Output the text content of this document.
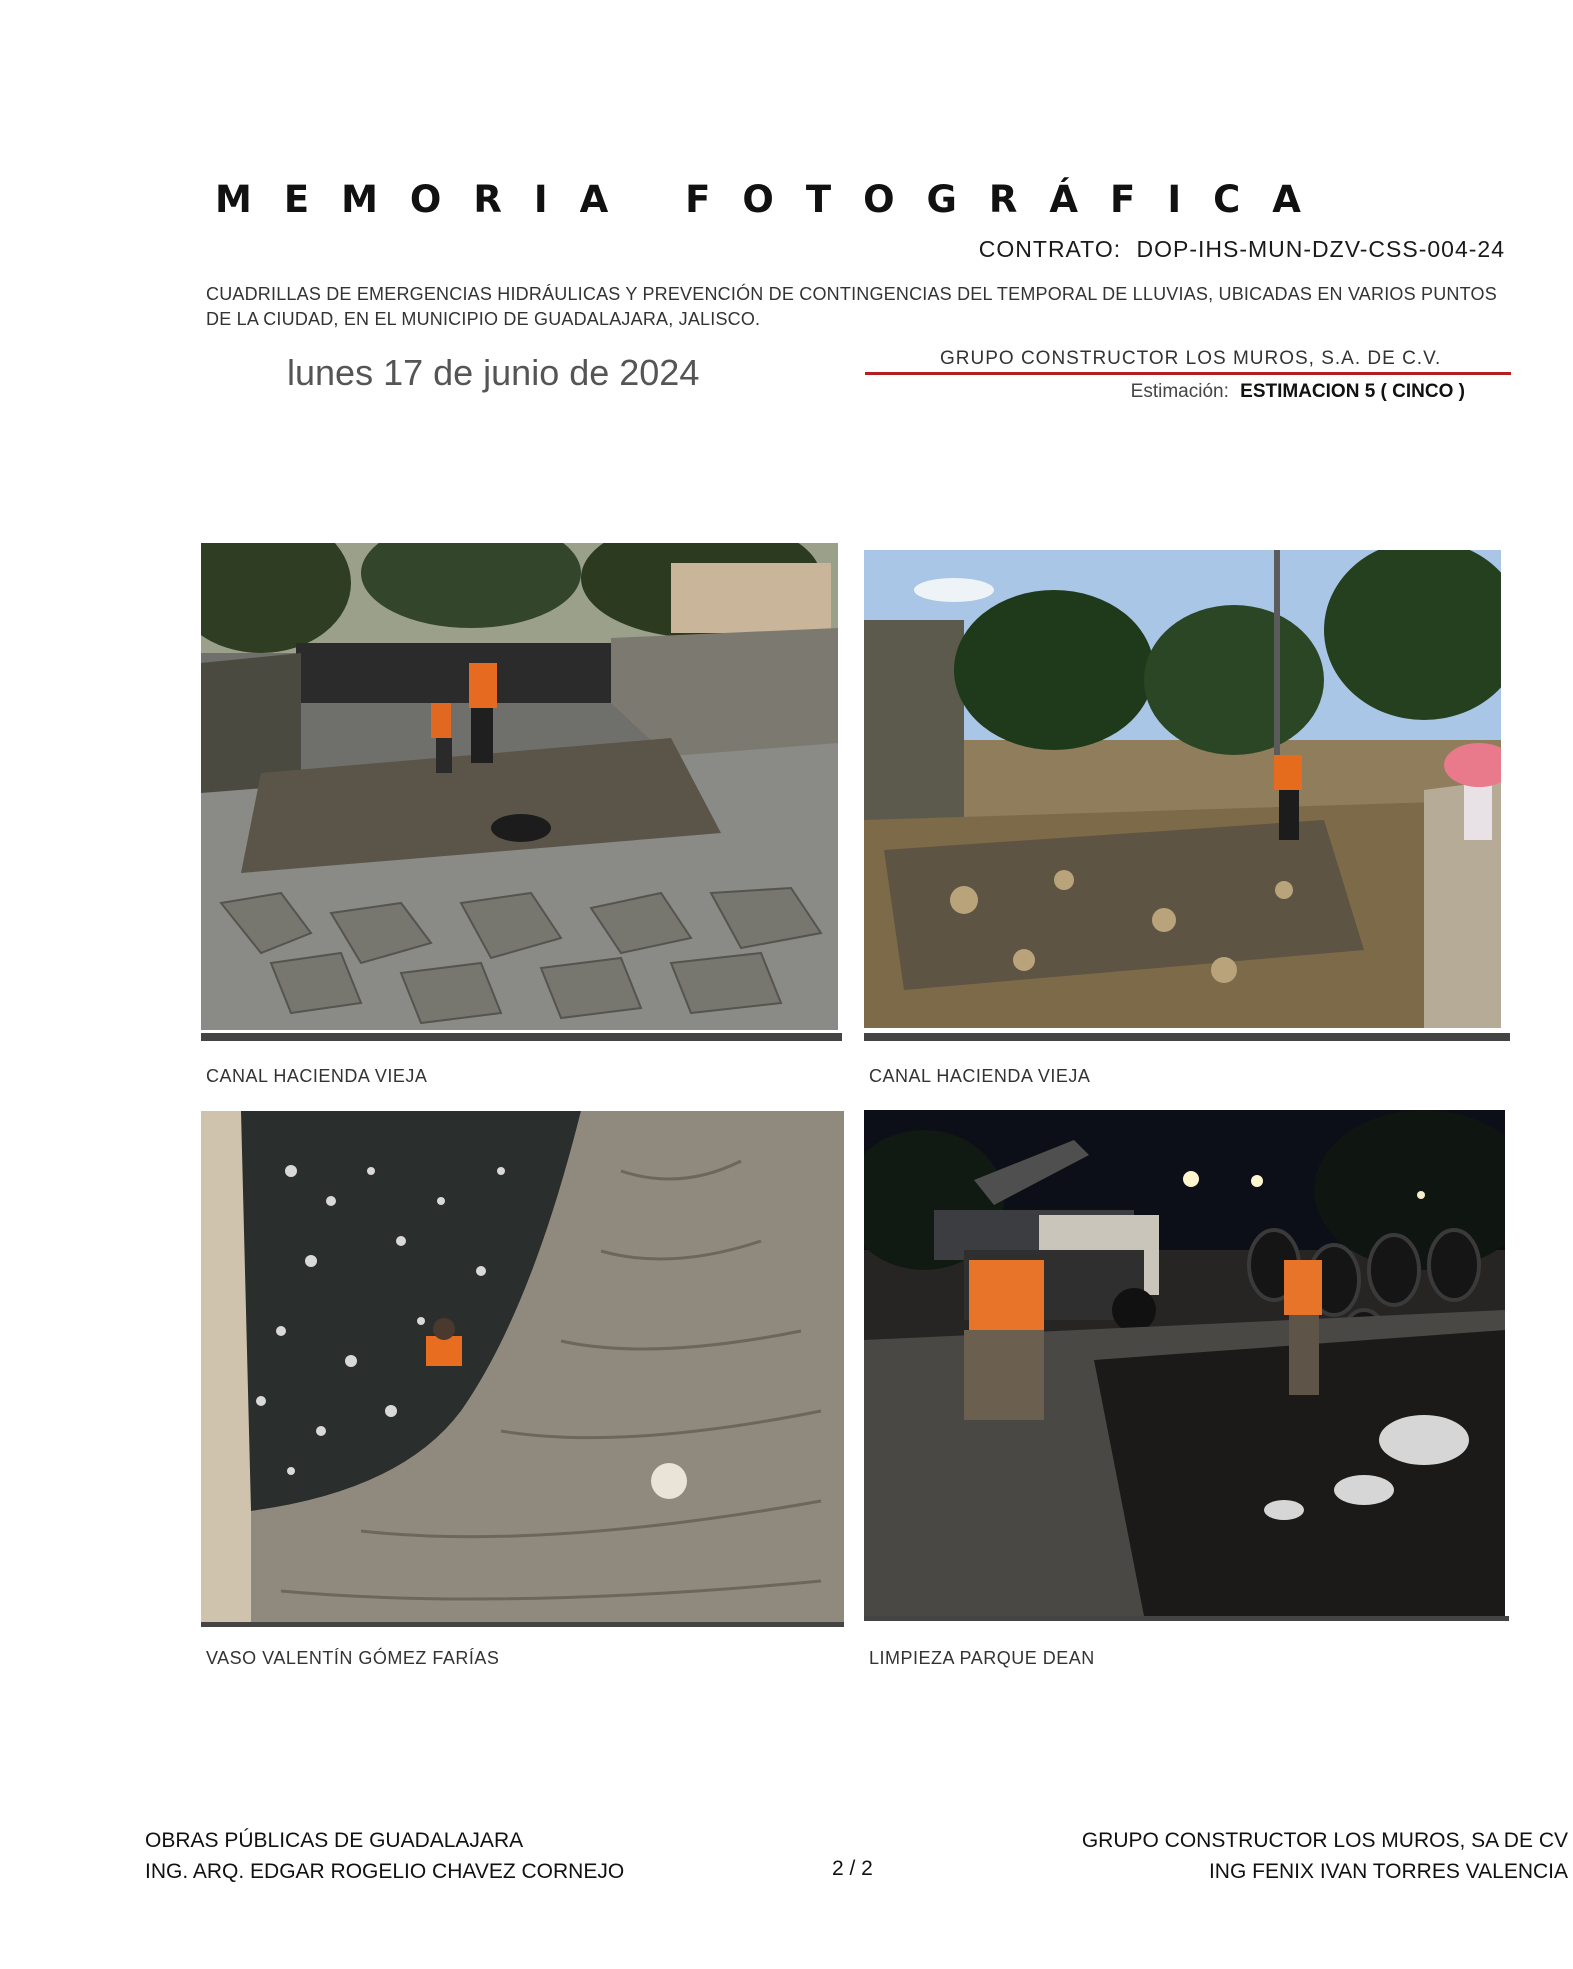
MEMORIA FOTOGRÁFICA
CONTRATO: DOP-IHS-MUN-DZV-CSS-004-24
CUADRILLAS DE EMERGENCIAS HIDRÁULICAS Y PREVENCIÓN DE CONTINGENCIAS DEL TEMPORAL DE LLUVIAS, UBICADAS EN VARIOS PUNTOS DE LA CIUDAD, EN EL MUNICIPIO DE GUADALAJARA, JALISCO.
lunes 17 de junio de 2024	GRUPO CONSTRUCTOR LOS MUROS, S.A. DE C.V.
Estimación: ESTIMACION 5 ( CINCO )
CANAL HACIENDA VIEJA	CANAL HACIENDA VIEJA
VASO VALENTÍN GÓMEZ FARÍAS	LIMPIEZA PARQUE DEAN
OBRAS PÚBLICAS DE GUADALAJARA
ING. ARQ. EDGAR ROGELIO CHAVEZ CORNEJO	2 / 2
GRUPO CONSTRUCTOR LOS MUROS, SA DE CV
ING FENIX IVAN TORRES VALENCIA
